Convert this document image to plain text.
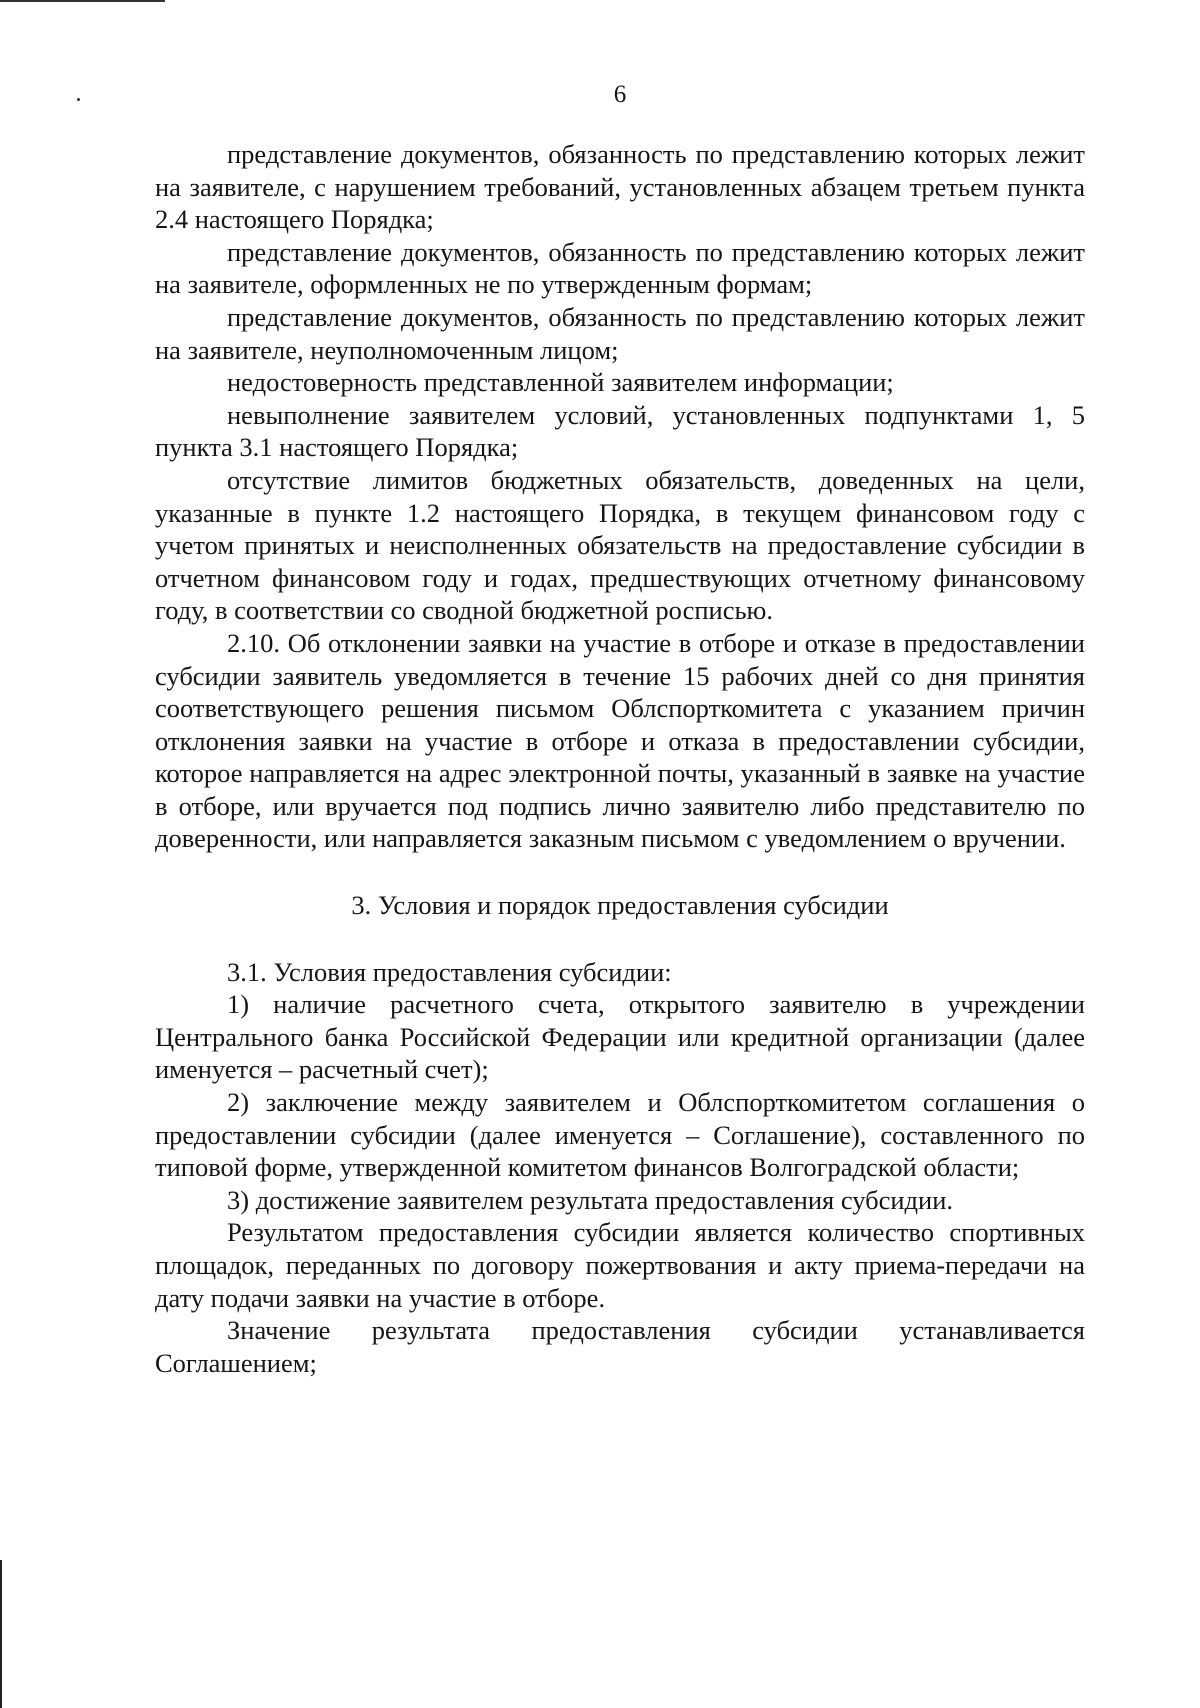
6

представление документов, обязанность по представлению которых лежит на заявителе, с нарушением требований, установленных абзацем третьем пункта 2.4 настоящего Порядка;

представление документов, обязанность по представлению которых лежит на заявителе, оформленных не по утвержденным формам;

представление документов, обязанность по представлению которых лежит на заявителе, неуполномоченным лицом;

недостоверность представленной заявителем информации;

невыполнение заявителем условий, установленных подпунктами 1, 5 пункта 3.1 настоящего Порядка;

отсутствие лимитов бюджетных обязательств, доведенных на цели, указанные в пункте 1.2 настоящего Порядка, в текущем финансовом году с учетом принятых и неисполненных обязательств на предоставление субсидии в отчетном финансовом году и годах, предшествующих отчетному финансовому году, в соответствии со сводной бюджетной росписью.

2.10. Об отклонении заявки на участие в отборе и отказе в предоставлении субсидии заявитель уведомляется в течение 15 рабочих дней со дня принятия соответствующего решения письмом Облспорткомитета с указанием причин отклонения заявки на участие в отборе и отказа в предоставлении субсидии, которое направляется на адрес электронной почты, указанный в заявке на участие в отборе, или вручается под подпись лично заявителю либо представителю по доверенности, или направляется заказным письмом с уведомлением о вручении.

3. Условия и порядок предоставления субсидии

3.1. Условия предоставления субсидии:

1) наличие расчетного счета, открытого заявителю в учреждении Центрального банка Российской Федерации или кредитной организации (далее именуется – расчетный счет);

2) заключение между заявителем и Облспорткомитетом соглашения о предоставлении субсидии (далее именуется – Соглашение), составленного по типовой форме, утвержденной комитетом финансов Волгоградской области;

3) достижение заявителем результата предоставления субсидии.

Результатом предоставления субсидии является количество спортивных площадок, переданных по договору пожертвования и акту приема-передачи на дату подачи заявки на участие в отборе.

Значение результата предоставления субсидии устанавливается Соглашением;
